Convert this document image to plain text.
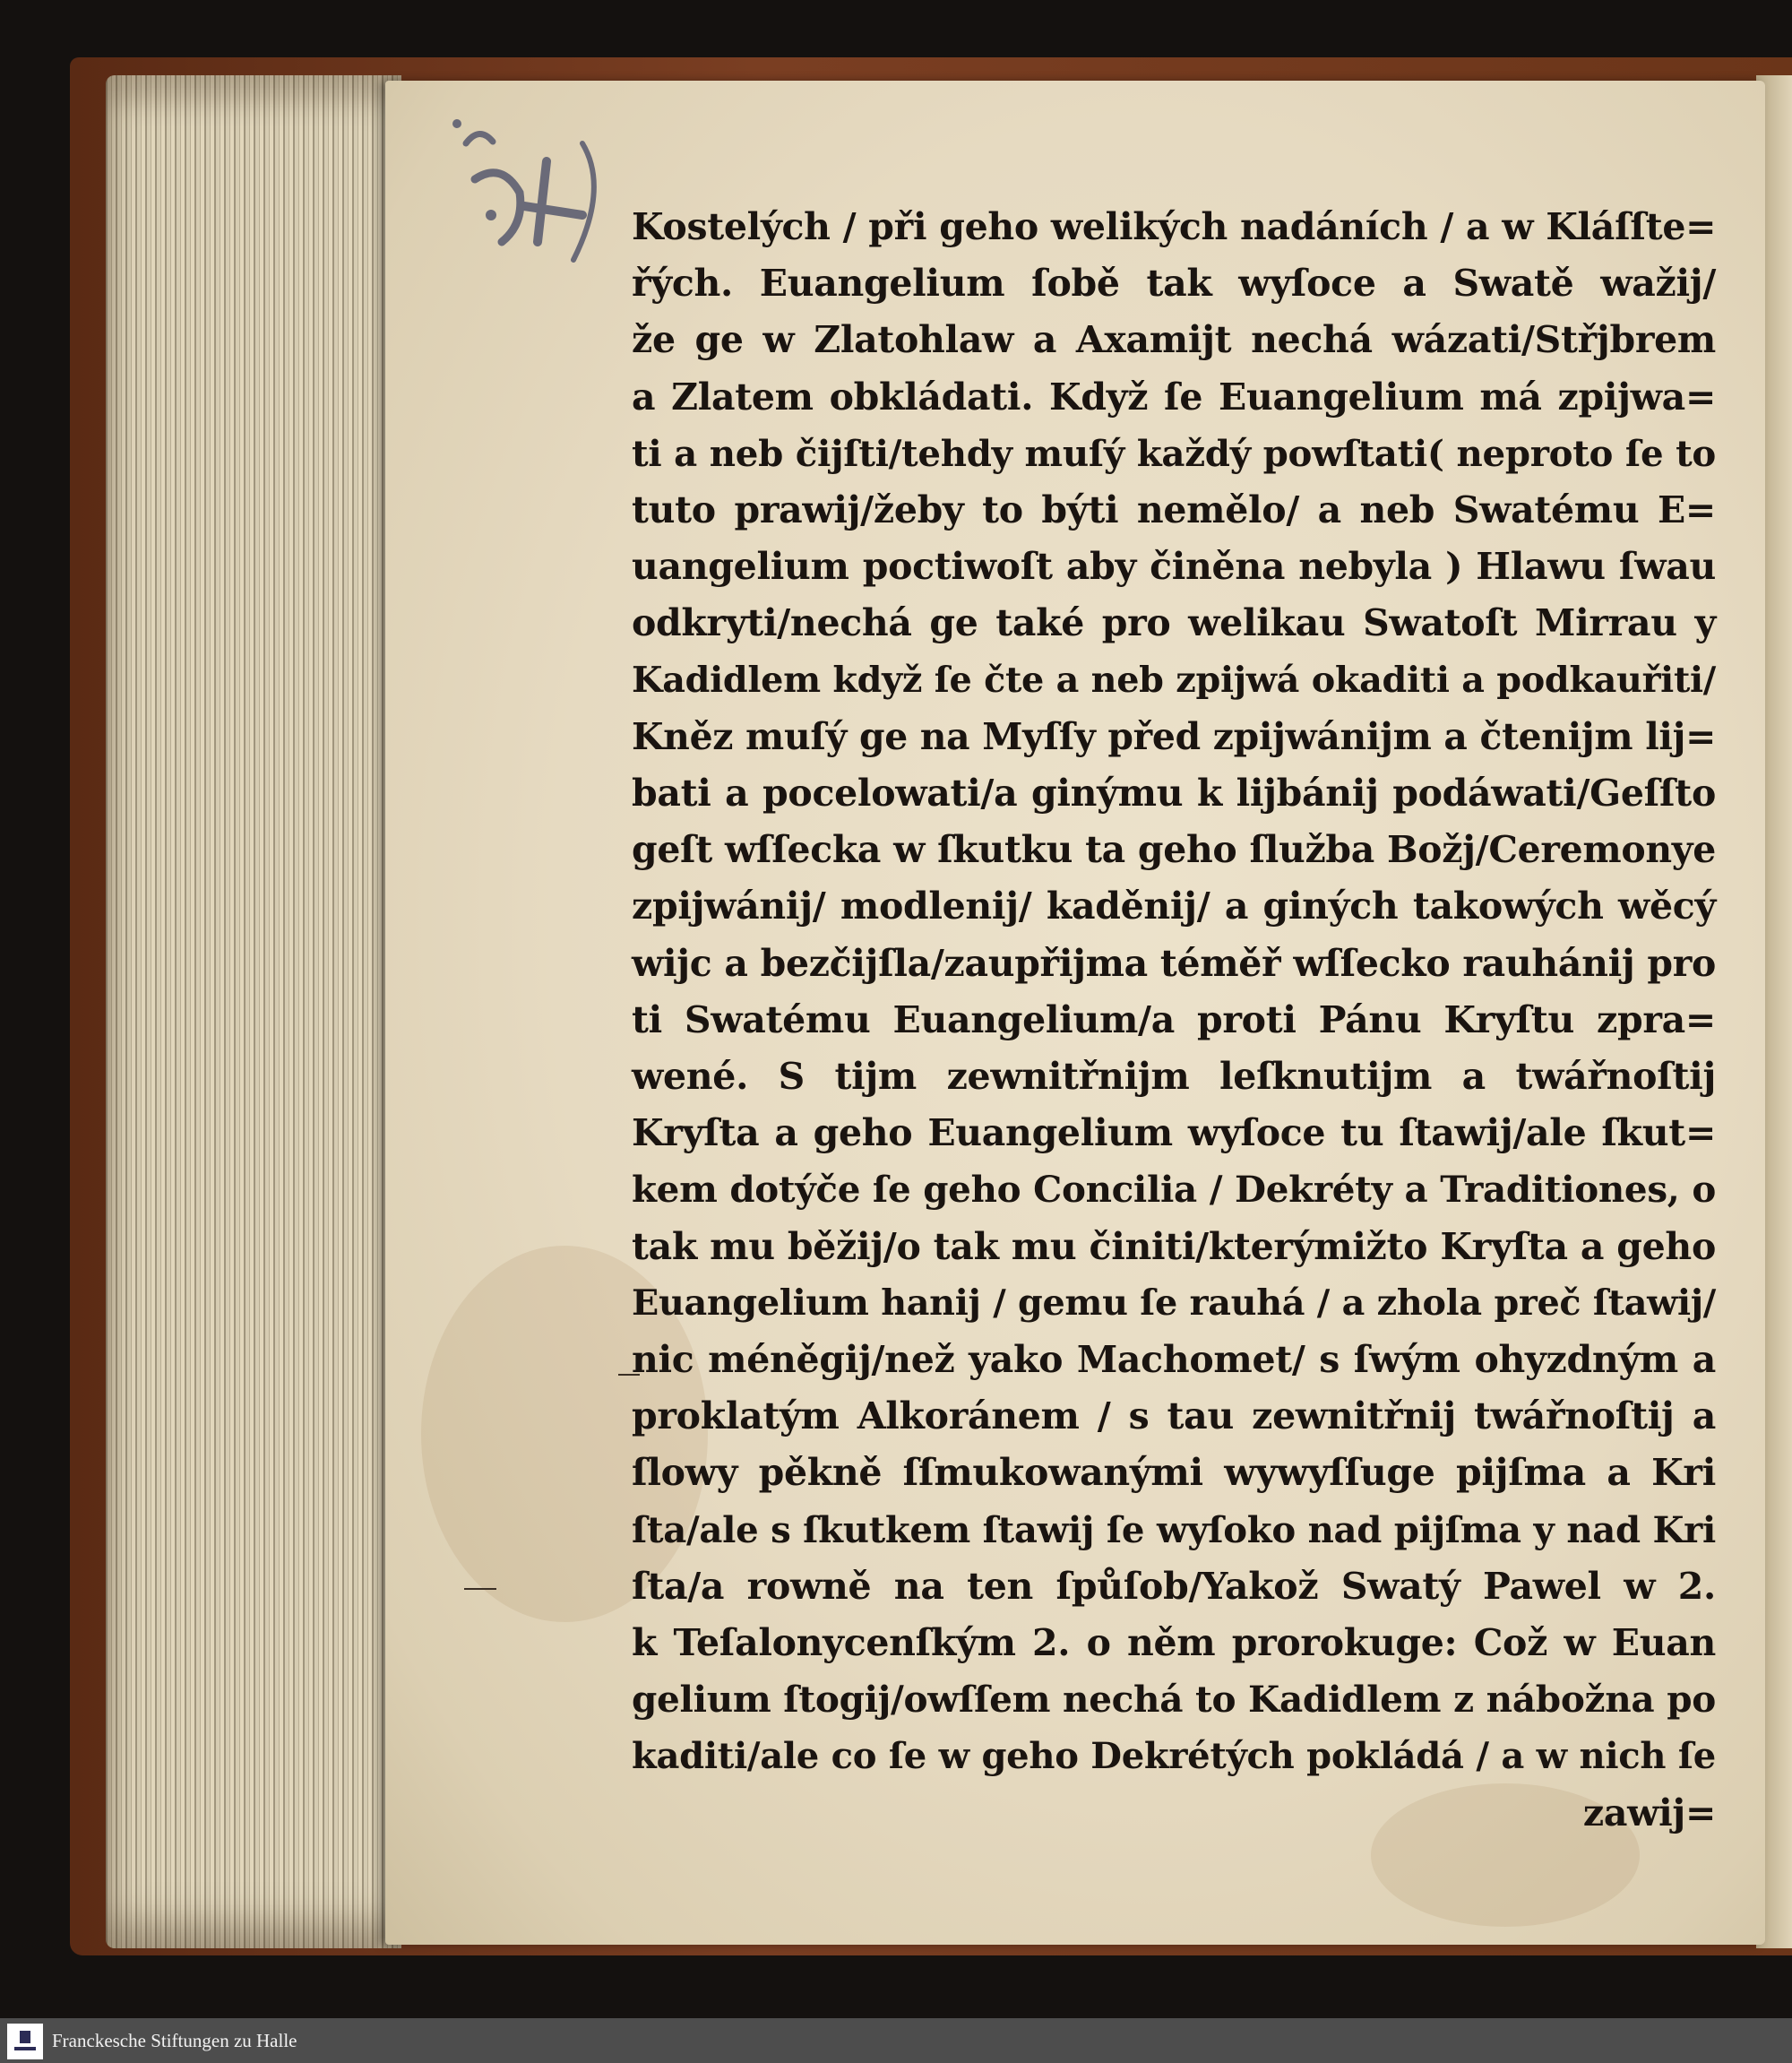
Kostelých / při geho welikých nadáních / a w Kláſſte=
řých. Euangelium ſobě tak wyſoce a Swatě wažij/
že ge w Zlatohlaw a Axamijt nechá wázati/Střjbrem
a Zlatem obkládati. Když ſe Euangelium má zpijwa=
ti a neb čijſti/tehdy muſý každý powſtati( neproto ſe to
tuto prawij/žeby to býti nemělo/ a neb Swatému E=
uangelium poctiwoſt aby činěna nebyla ) Hlawu ſwau
odkryti/nechá ge také pro welikau Swatoſt Mirrau y
Kadidlem když ſe čte a neb zpijwá okaditi a podkauřiti/
Kněz muſý ge na Myſſy před zpijwánijm a čtenijm lij=
bati a pocelowati/a ginýmu k lijbánij podáwati/Geſſto
geſt wſſecka w ſkutku ta geho ſlužba Božj/Ceremonye
zpijwánij/ modlenij/ kaděnij/ a giných takowých wěcý
wijc a bezčijſla/zaupřijma téměř wſſecko rauhánij pro
ti Swatému Euangelium/a proti Pánu Kryſtu zpra=
wené. S tijm zewnitřnijm leſknutijm a twářnoſtij
Kryſta a geho Euangelium wyſoce tu ſtawij/ale ſkut=
kem dotýče ſe geho Concilia / Dekréty a Traditiones, o
tak mu běžij/o tak mu činiti/kterýmižto Kryſta a geho
Euangelium hanij / gemu ſe rauhá / a zhola preč ſtawij/
nic méněgij/než yako Machomet/ s ſwým ohyzdným a
proklatým Alkoránem / s tau zewnitřnij twářnoſtij a
ſlowy pěkně ſſmukowanými wywyſſuge pijſma a Kri
ſta/ale s ſkutkem ſtawij ſe wyſoko nad pijſma y nad Kri
ſta/a rowně na ten ſpůſob/Yakož Swatý Pawel w 2.
k Teſalonycenſkým 2. o něm prorokuge: Což w Euan
gelium ſtogij/owſſem nechá to Kadidlem z nábožna po
kaditi/ale co ſe w geho Dekrétých pokládá / a w nich ſe
zawij=
Franckesche Stiftungen zu Halle
